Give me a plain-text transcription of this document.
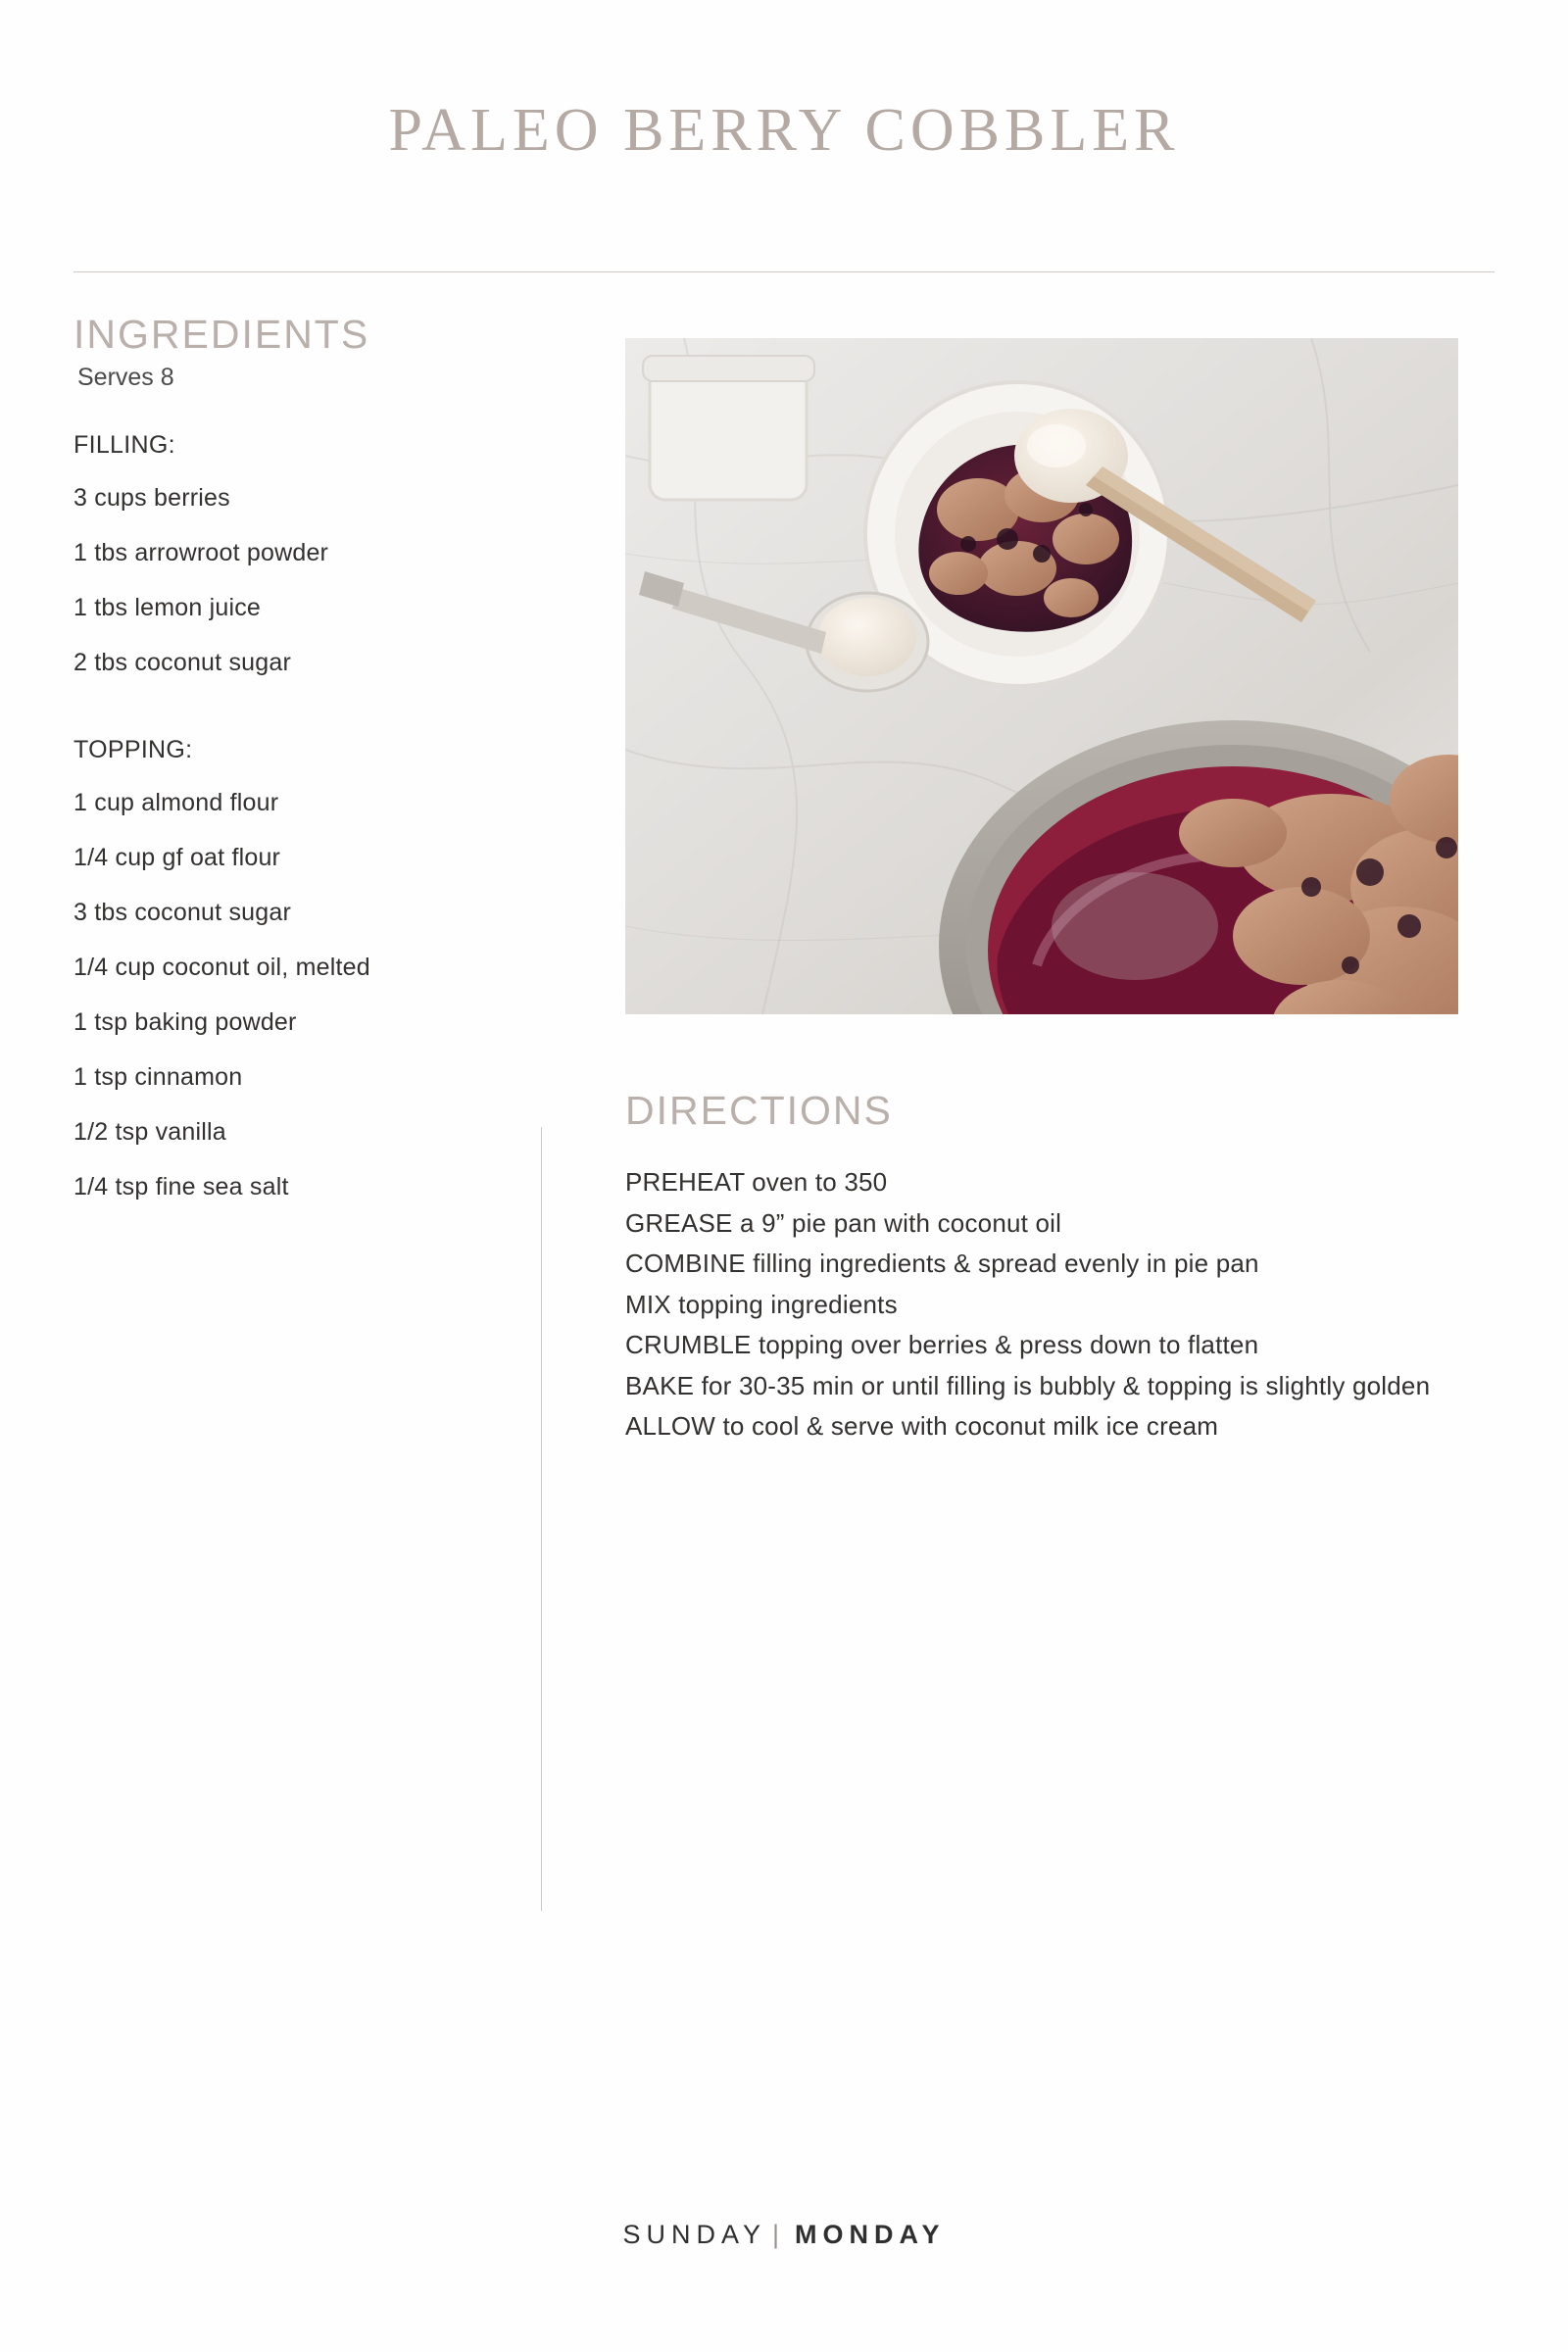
PALEO BERRY COBBLER
INGREDIENTS
Serves 8
FILLING:
3 cups berries
1 tbs arrowroot powder
1 tbs lemon juice
2 tbs coconut sugar
TOPPING:
1 cup almond flour
1/4 cup gf oat flour
3 tbs coconut sugar
1/4 cup coconut oil, melted
1 tsp baking powder
1 tsp cinnamon
1/2 tsp vanilla
1/4 tsp fine sea salt
DIRECTIONS
PREHEAT oven to 350
GREASE a 9” pie pan with coconut oil
COMBINE filling ingredients & spread evenly in pie pan
MIX topping ingredients
CRUMBLE topping over berries & press down to flatten
BAKE for 30-35 min or until filling is bubbly & topping is slightly golden
ALLOW to cool & serve with coconut milk ice cream
SUNDAY | MONDAY
